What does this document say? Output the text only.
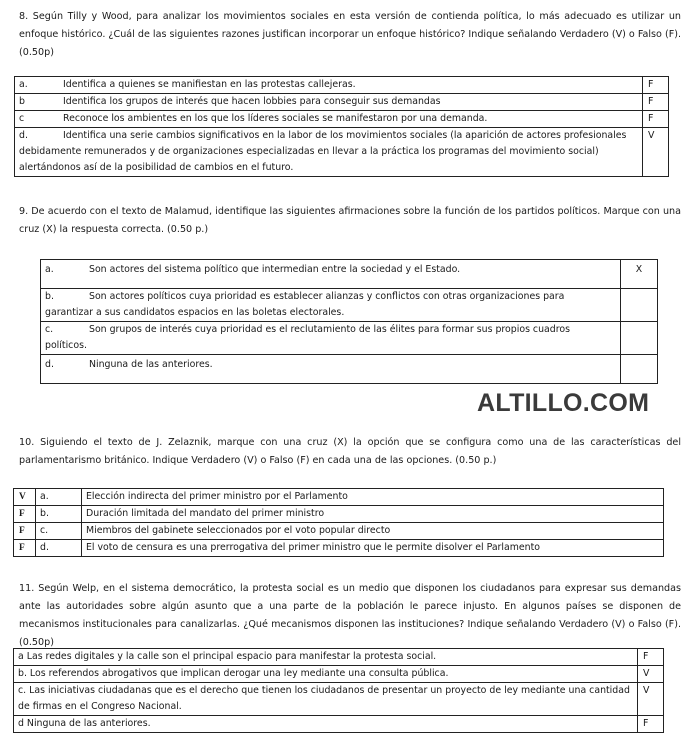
8. Según Tilly y Wood, para analizar los movimientos sociales en esta versión de contienda política, lo más adecuado es utilizar un enfoque histórico. ¿Cuál de las siguientes razones justifican incorporar un enfoque histórico? Indique señalando Verdadero (V) o Falso (F). (0.50p)
a. Identifica a quienes se manifiestan en las protestas callejeras.	F
b Identifica los grupos de interés que hacen lobbies para conseguir sus demandas	F
c Reconoce los ambientes en los que los líderes sociales se manifestaron por una demanda.	F

d. Identifica una serie cambios significativos en la labor de los movimientos sociales (la aparición de actores profesionales
debidamente remunerados y de organizaciones especializadas en llevar a la práctica los programas del movimiento social)
alertándonos así de la posibilidad de cambios en el futuro.	V
9. De acuerdo con el texto de Malamud, identifique las siguientes afirmaciones sobre la función de los partidos políticos. Marque con una cruz (X) la respuesta correcta. (0.50 p.)
a. Son actores del sistema político que intermedian entre la sociedad y el Estado.	X

b. Son actores políticos cuya prioridad es establecer alianzas y conflictos con otras organizaciones para
garantizar a sus candidatos espacios en las boletas electorales.	

c. Son grupos de interés cuya prioridad es el reclutamiento de las élites para formar sus propios cuadros
políticos.	

d. Ninguna de las anteriores.	
ALTILLO.COM
10. Siguiendo el texto de J. Zelaznik, marque con una cruz (X) la opción que se configura como una de las características del parlamentarismo británico. Indique Verdadero (V) o Falso (F) en cada una de las opciones. (0.50 p.)
V	a.	Elección indirecta del primer ministro por el Parlamento
F	b.	Duración limitada del mandato del primer ministro
F	c.	Miembros del gabinete seleccionados por el voto popular directo
F	d.	El voto de censura es una prerrogativa del primer ministro que le permite disolver el Parlamento
11. Según Welp, en el sistema democrático, la protesta social es un medio que disponen los ciudadanos para expresar sus demandas ante las autoridades sobre algún asunto que a una parte de la población le parece injusto. En algunos países se disponen de mecanismos institucionales para canalizarlas. ¿Qué mecanismos disponen las instituciones? Indique señalando Verdadero (V) o Falso (F). (0.50p)
a Las redes digitales y la calle son el principal espacio para manifestar la protesta social.	F
b. Los referendos abrogativos que implican derogar una ley mediante una consulta pública.	V

c. Las iniciativas ciudadanas que es el derecho que tienen los ciudadanos de presentar un proyecto de ley mediante una cantidad
de firmas en el Congreso Nacional.	V
d Ninguna de las anteriores.	F
